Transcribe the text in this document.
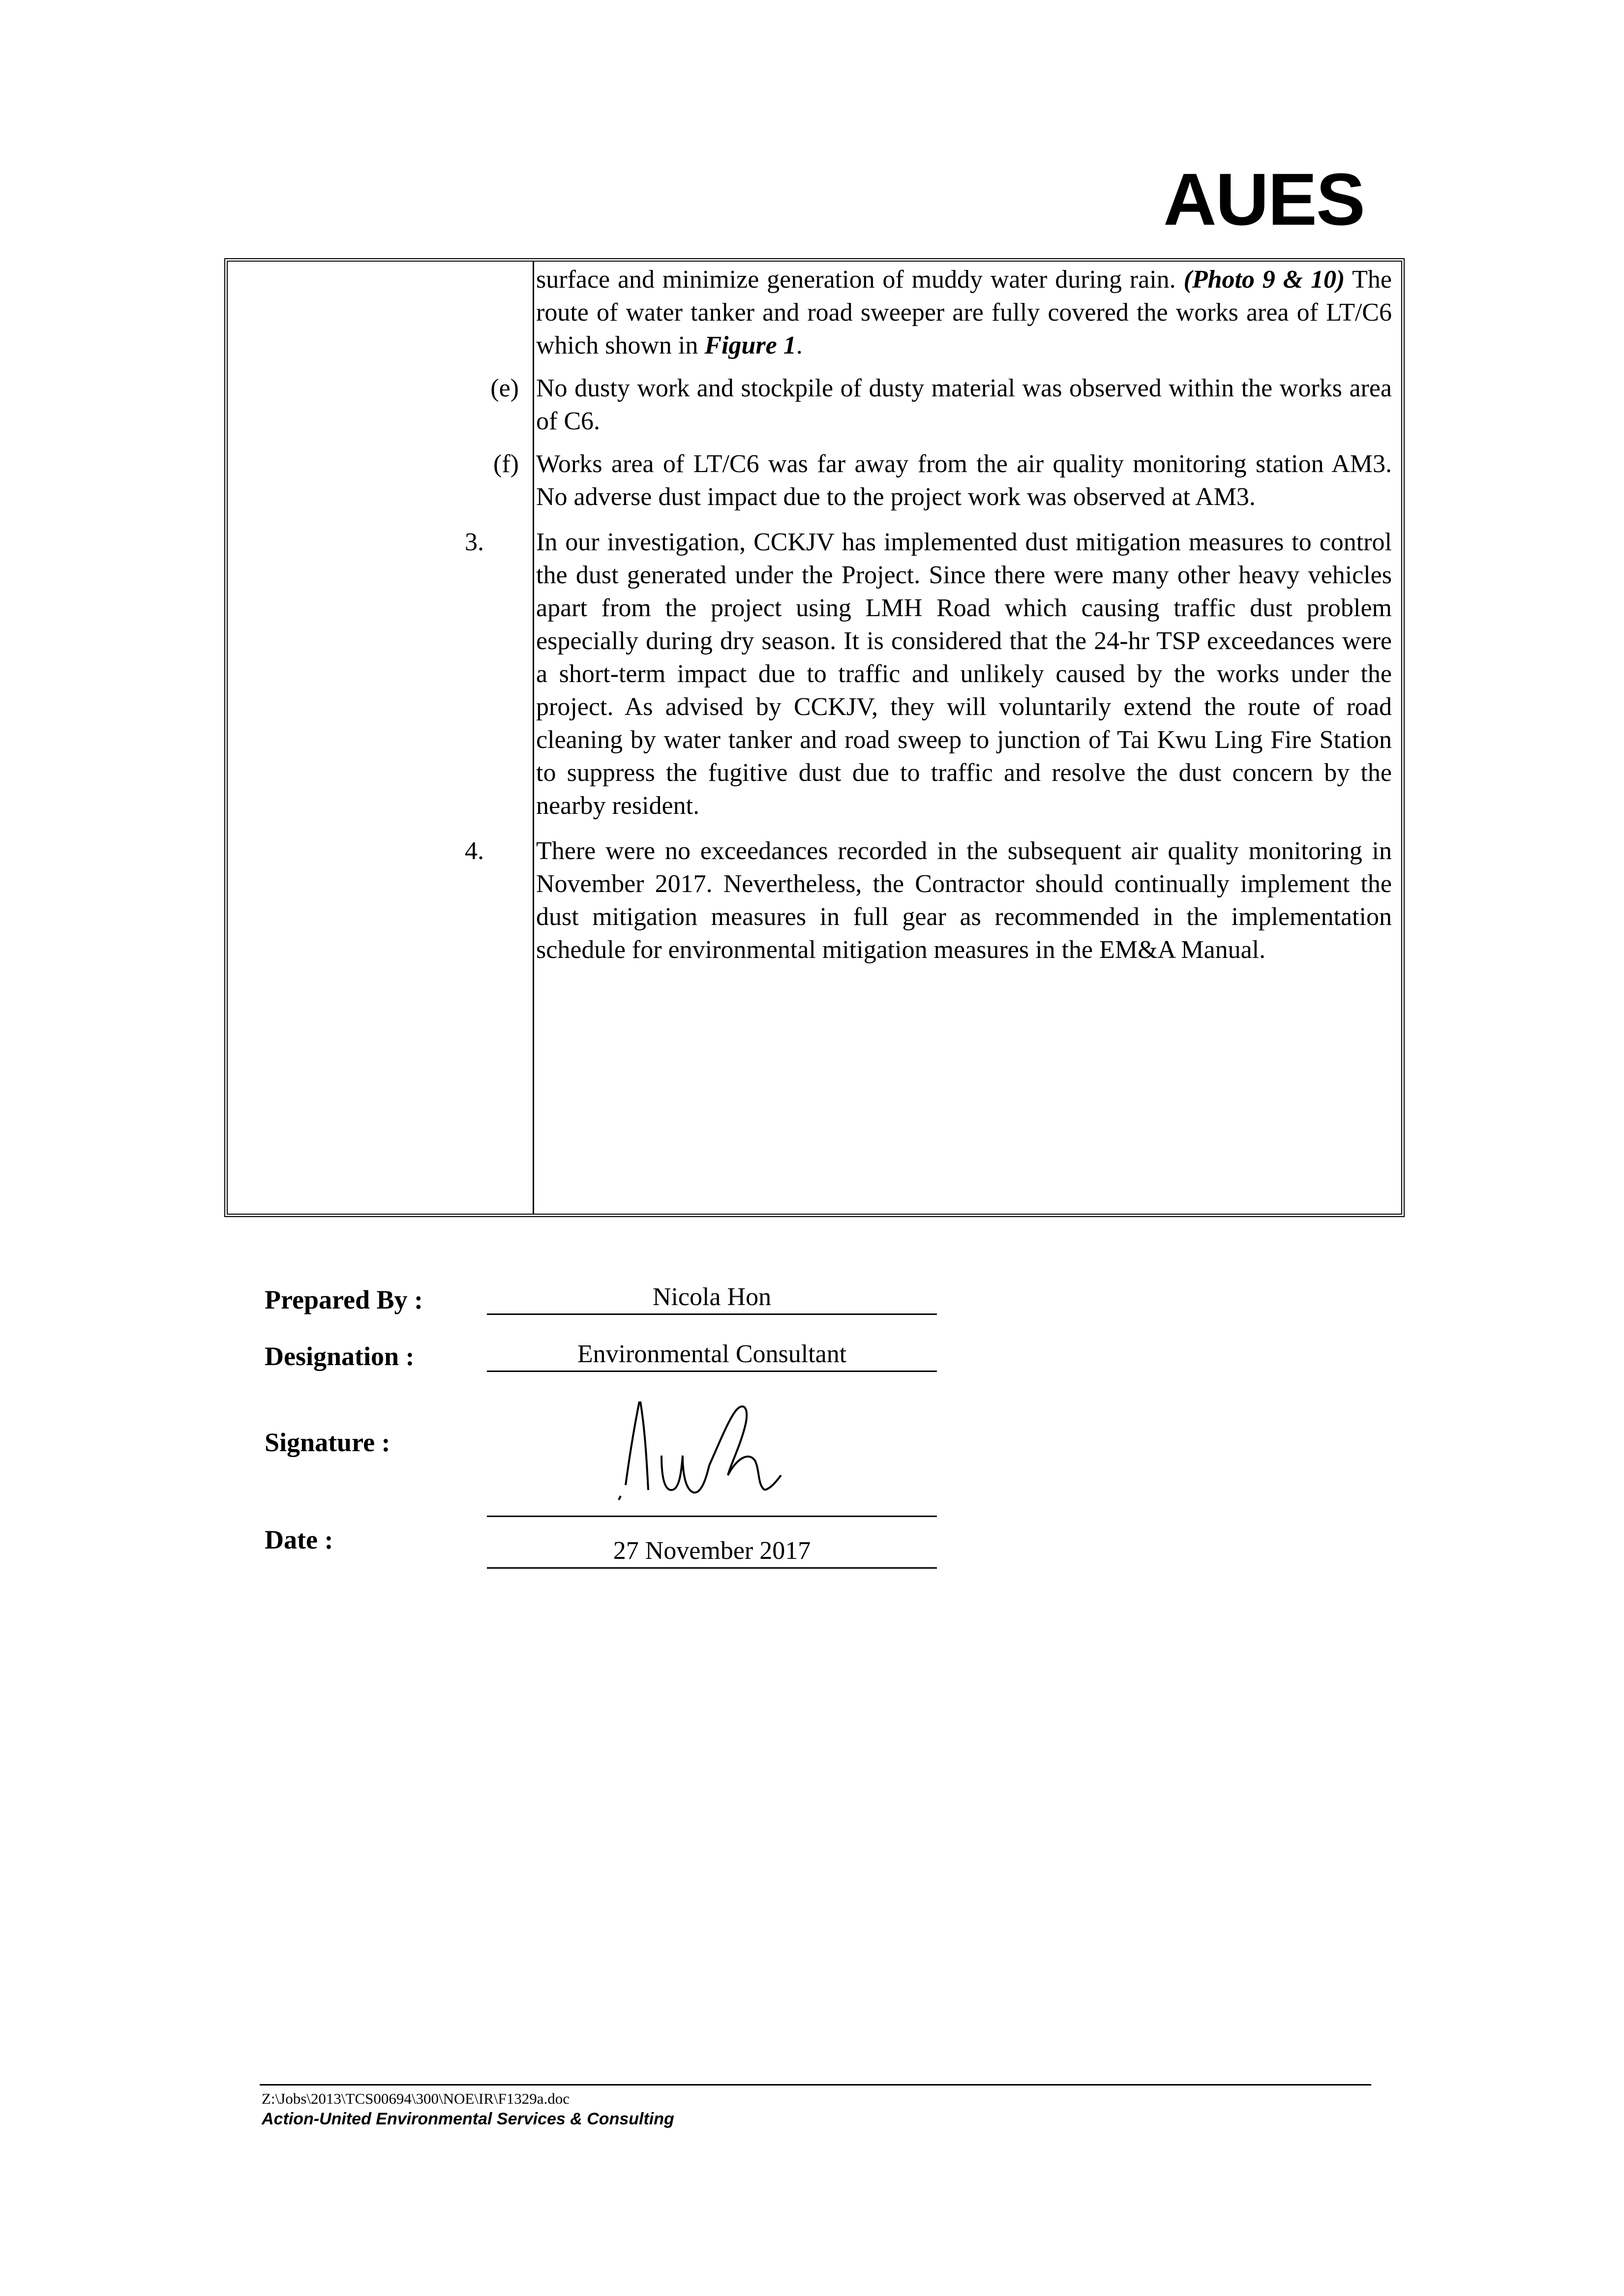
AUES

surface and minimize generation of muddy water during rain. (Photo 9 & 10) The route of water tanker and road sweeper are fully covered the works area of LT/C6 which shown in Figure 1.

(e) No dusty work and stockpile of dusty material was observed within the works area of C6.

(f) Works area of LT/C6 was far away from the air quality monitoring station AM3. No adverse dust impact due to the project work was observed at AM3.

3. In our investigation, CCKJV has implemented dust mitigation measures to control the dust generated under the Project. Since there were many other heavy vehicles apart from the project using LMH Road which causing traffic dust problem especially during dry season. It is considered that the 24-hr TSP exceedances were a short-term impact due to traffic and unlikely caused by the works under the project. As advised by CCKJV, they will voluntarily extend the route of road cleaning by water tanker and road sweep to junction of Tai Kwu Ling Fire Station to suppress the fugitive dust due to traffic and resolve the dust concern by the nearby resident.

4. There were no exceedances recorded in the subsequent air quality monitoring in November 2017. Nevertheless, the Contractor should continually implement the dust mitigation measures in full gear as recommended in the implementation schedule for environmental mitigation measures in the EM&A Manual.

Prepared By :	Nicola Hon
Designation :	Environmental Consultant
Signature :
Date :	27 November 2017
Z:\Jobs\2013\TCS00694\300\NOE\IR\F1329a.doc
Action-United Environmental Services & Consulting
